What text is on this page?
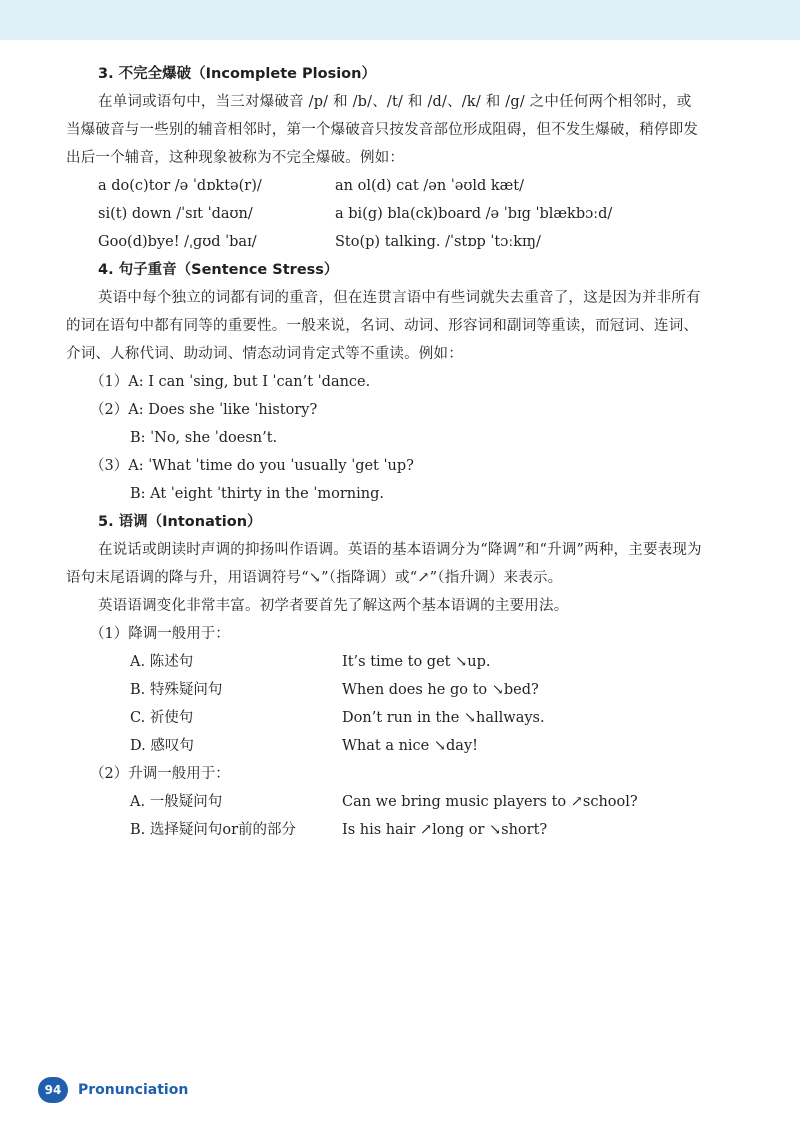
3. 不完全爆破（Incomplete Plosion）
在单词或语句中，当三对爆破音 /p/ 和 /b/、/t/ 和 /d/、/k/ 和 /g/ 之中任何两个相邻时，或当爆破音与一些别的辅音相邻时，第一个爆破音只按发音部位形成阻碍，但不发生爆破，稍停即发出后一个辅音，这种现象被称为不完全爆破。例如：
a do(c)tor /ə ˈdɒktə(r)/	an ol(d) cat /ən ˈəʊld kæt/
si(t) down /ˈsɪt ˈdaʊn/	a bi(g) bla(ck)board /ə ˈbɪg ˈblækbɔːd/
Goo(d)bye! /ˌɡʊd ˈbaɪ/	Sto(p) talking. /ˈstɒp ˈtɔːkɪŋ/
4. 句子重音（Sentence Stress）
英语中每个独立的词都有词的重音，但在连贯言语中有些词就失去重音了，这是因为并非所有的词在语句中都有同等的重要性。一般来说，名词、动词、形容词和副词等重读，而冠词、连词、介词、人称代词、助动词、情态动词肯定式等不重读。例如：
（1）A: I can ˈsing, but I ˈcan’t ˈdance.
（2）A: Does she ˈlike ˈhistory?
B: ˈNo, she ˈdoesn’t.
（3）A: ˈWhat ˈtime do you ˈusually ˈget ˈup?
B: At ˈeight ˈthirty in the ˈmorning.
5. 语调（Intonation）
在说话或朗读时声调的抑扬叫作语调。英语的基本语调分为“降调”和“升调”两种，主要表现为语句末尾语调的降与升，用语调符号“↘”（指降调）或“↗”（指升调）来表示。
英语语调变化非常丰富。初学者要首先了解这两个基本语调的主要用法。
（1）降调一般用于：
A. 陈述句	It’s time to get ↘up.
B. 特殊疑问句	When does he go to ↘bed?
C. 祈使句	Don’t run in the ↘hallways.
D. 感叹句	What a nice ↘day!
（2）升调一般用于：
A. 一般疑问句	Can we bring music players to ↗school?
B. 选择疑问句or前的部分	Is his hair ↗long or ↘short?
94	Pronunciation
